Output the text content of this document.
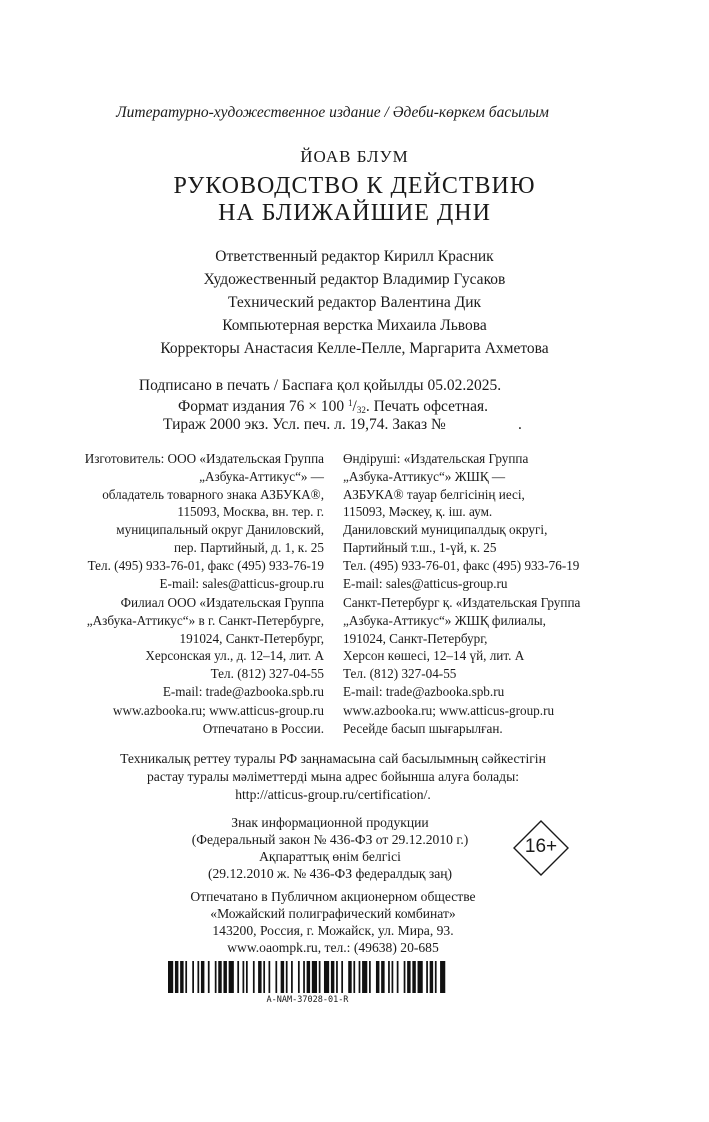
Литературно-художественное издание / Әдеби-көркем басылым
ЙОАВ БЛУМ
РУКОВОДСТВО К ДЕЙСТВИЮ
НА БЛИЖАЙШИЕ ДНИ
Ответственный редактор Кирилл Красник
Художественный редактор Владимир Гусаков
Технический редактор Валентина Дик
Компьютерная верстка Михаила Львова
Корректоры Анастасия Келле-Пелле, Маргарита Ахметова
Подписано в печать / Баспаға қол қойылды 05.02.2025.
Формат издания 76 × 100 $^1/_{32}$. Печать офсетная.
Тираж 2000 экз. Усл. печ. л. 19,74. Заказ №	.
Изготовитель: ООО «Издательская Группа
„Азбука-Аттикус“» —
обладатель товарного знака АЗБУКА®,
115093, Москва, вн. тер. г.
муниципальный округ Даниловский,
пер. Партийный, д. 1, к. 25
Тел. (495) 933-76-01, факс (495) 933-76-19
E-mail: sales@atticus-group.ru
Өндіруші: «Издательская Группа
„Азбука-Аттикус“» ЖШҚ —
АЗБУКА® тауар белгісінің иесі,
115093, Мәскеу, қ. іш. аум.
Даниловский муниципалдық округі,
Партийный т.ш., 1-үй, к. 25
Тел. (495) 933-76-01, факс (495) 933-76-19
E-mail: sales@atticus-group.ru
Филиал ООО «Издательская Группа
„Азбука-Аттикус“» в г. Санкт-Петербурге,
191024, Санкт-Петербург,
Херсонская ул., д. 12–14, лит. А
Тел. (812) 327-04-55
E-mail: trade@azbooka.spb.ru
Санкт-Петербург қ. «Издательская Группа
„Азбука-Аттикус“» ЖШҚ филиалы,
191024, Санкт-Петербург,
Херсон көшесі, 12–14 үй, лит. А
Тел. (812) 327-04-55
E-mail: trade@azbooka.spb.ru
www.azbooka.ru; www.atticus-group.ru
Отпечатано в России.
www.azbooka.ru; www.atticus-group.ru
Ресейде басып шығарылған.
Техникалық реттеу туралы РФ заңнамасына сай басылымның сәйкестігін
растау туралы мәліметтерді мына адрес бойынша алуға болады:
http://atticus-group.ru/certification/.
Знак информационной продукции
(Федеральный закон № 436-ФЗ от 29.12.2010 г.)
Ақпараттық өнім белгісі
(29.12.2010 ж. № 436-ФЗ федералдық заң)
16+
Отпечатано в Публичном акционерном обществе
«Можайский полиграфический комбинат»
143200, Россия, г. Можайск, ул. Мира, 93.
www.oaompk.ru, тел.: (49638) 20-685
A-NAM-37028-01-R
